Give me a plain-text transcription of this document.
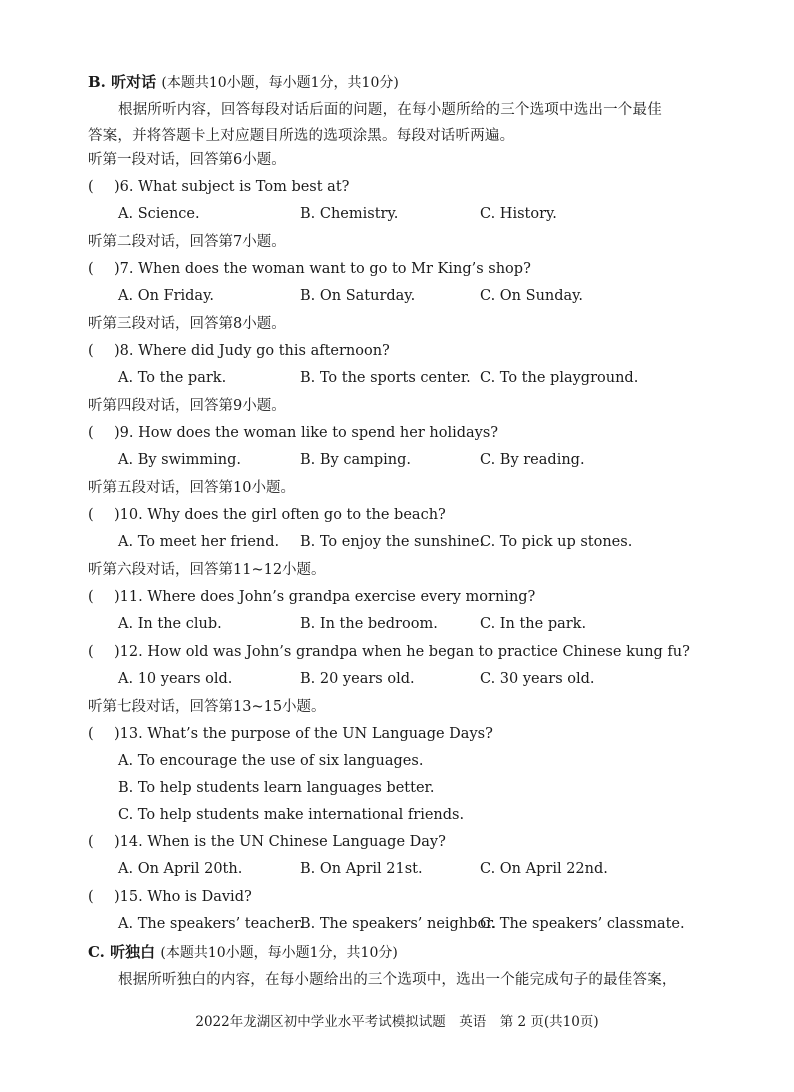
B. 听对话 (本题共10小题，每小题1分，共10分)
根据所听内容，回答每段对话后面的问题，在每小题所给的三个选项中选出一个最佳
答案，并将答题卡上对应题目所选的选项涂黑。每段对话听两遍。
听第一段对话，回答第6小题。
( )6. What subject is Tom best at?
A. Science.	B. Chemistry.	C. History.
听第二段对话，回答第7小题。
( )7. When does the woman want to go to Mr King’s shop?
A. On Friday.	B. On Saturday.	C. On Sunday.
听第三段对话，回答第8小题。
( )8. Where did Judy go this afternoon?
A. To the park.	B. To the sports center. C. To the playground.
听第四段对话，回答第9小题。
( )9. How does the woman like to spend her holidays?
A. By swimming.	B. By camping.	C. By reading.
听第五段对话，回答第10小题。
( )10. Why does the girl often go to the beach?
A. To meet her friend. B. To enjoy the sunshine.
C. To pick up stones.
听第六段对话，回答第11~12小题。
( )11. Where does John’s grandpa exercise every morning?
A. In the club.	B. In the bedroom.	C. In the park.
( )12. How old was John’s grandpa when he began to practice Chinese kung fu?
A. 10 years old.	B. 20 years old.	C. 30 years old.
听第七段对话，回答第13~15小题。
( )13. What’s the purpose of the UN Language Days?
A. To encourage the use of six languages.
B. To help students learn languages better.
C. To help students make international friends.
( )14. When is the UN Chinese Language Day?
A. On April 20th.	B. On April 21st.	C. On April 22nd.
( )15. Who is David?
A. The speakers’ teacher.
B. The speakers’ neighbor.
C. The speakers’ classmate.
C. 听独白 (本题共10小题，每小题1分，共10分)
根据所听独白的内容，在每小题给出的三个选项中，选出一个能完成句子的最佳答案，
2022年龙湖区初中学业水平考试模拟试题　英语　第 2 页(共10页)
